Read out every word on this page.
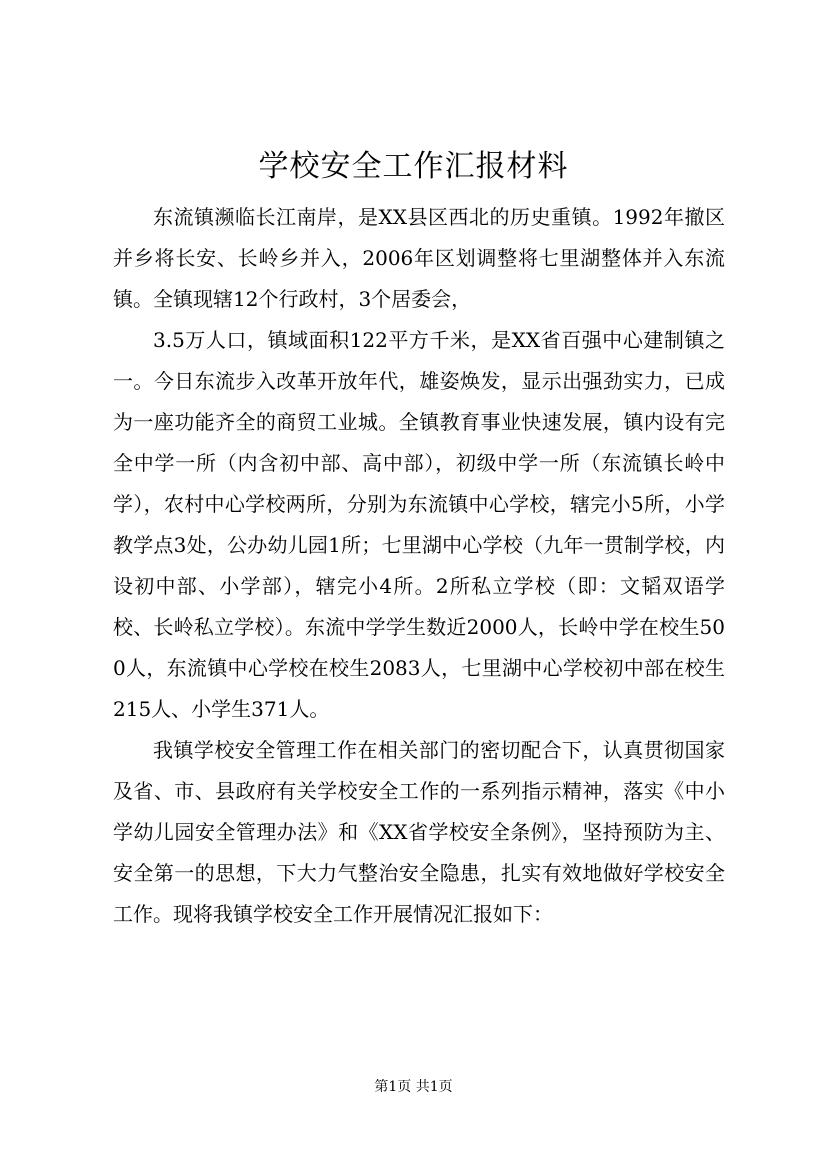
学校安全工作汇报材料

东流镇濒临长江南岸，是XX县区西北的历史重镇。1992年撤区并乡将长安、长岭乡并入，2006年区划调整将七里湖整体并入东流镇。全镇现辖12个行政村，3个居委会，

3.5万人口，镇域面积122平方千米，是XX省百强中心建制镇之一。今日东流步入改革开放年代，雄姿焕发，显示出强劲实力，已成为一座功能齐全的商贸工业城。全镇教育事业快速发展，镇内设有完全中学一所（内含初中部、高中部），初级中学一所（东流镇长岭中学），农村中心学校两所，分别为东流镇中心学校，辖完小5所，小学教学点3处，公办幼儿园1所；七里湖中心学校（九年一贯制学校，内设初中部、小学部），辖完小4所。2所私立学校（即：文韬双语学校、长岭私立学校）。东流中学学生数近2000人，长岭中学在校生500人，东流镇中心学校在校生2083人，七里湖中心学校初中部在校生215人、小学生371人。

我镇学校安全管理工作在相关部门的密切配合下，认真贯彻国家及省、市、县政府有关学校安全工作的一系列指示精神，落实《中小学幼儿园安全管理办法》和《XX省学校安全条例》，坚持预防为主、安全第一的思想，下大力气整治安全隐患，扎实有效地做好学校安全工作。现将我镇学校安全工作开展情况汇报如下：

第1页 共1页
